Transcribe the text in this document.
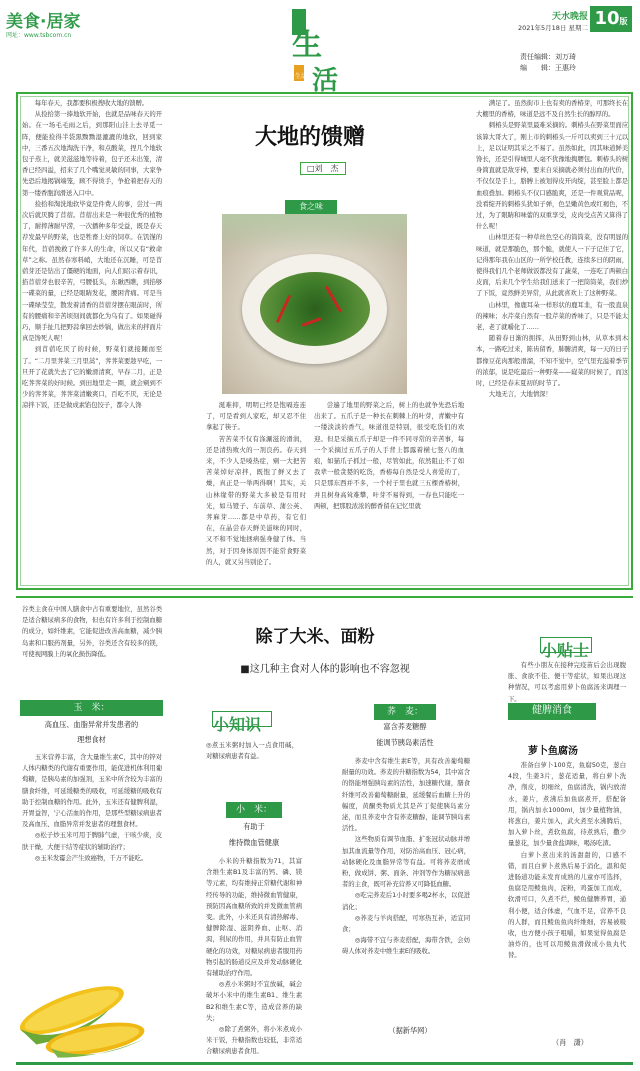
美食·居家
网址：www.tsbcom.cn
生活
生
活
天水晚报
2021年5月18日 星期二 10版
责任编辑：刘万琦
编　　辑：王惠玲
大地的馈赠
□刘　杰
食之味
每年春天，我都要积极搜收大地的馈赠。
从捡拾第一捧地软开始，也就是品味春天的开始。在一场毛毛雨之后，到那阳山洼上去寻觅一阵，便能捡得半袋黑黝黝湿漉漉的地软，回到家中，三番五次地淘洗干净，和点酸菜，捏几个地软包子蒸上，就美滋滋地等待着，包子还未出笼，清香已经四溢，招来了几个嘴觉灵敏的同事，大家争先恐后地揭锅端笼，顾不得烫手，争抢着把春天的第一缕香胞润滑送入口中。
捡拾和淘洗地软毕竟是件费人的事，尝过一两次后就厌腾了苜蓿。苜蓿出来是一种很优秀的植物了，耐摔薄耐早涝，一次播种多年受益，既是春天荐发最早的野菜，也是牲畜上好的饲草。在饥馑的年代，苜蓿挽救了许多人的生命，所以又有“救命草”之称。虽然春寒料峭，大地还在沉睡，可是苜蓿芽还是钻出了僵硬的地面，向人们昭示着春讯，掐苜蓿芽也很辛苦，弓腰低头，东瞅西瞧，到掐够一碟菜的量，已经是眼睛发花，腰困背痛。可是当一碟绿莹莹，散发着清香的苜蓿芽摆在眼前时，所有的腰痛和辛苦顷刻间就都化为乌有了。如果碰得巧，顺手扯几把野蒜拿回去炒锅，做出来的拌面片真是馋死人呢！
到苜蓿吃厌了的时候，野菜们就接踵而至了。“二月里荠菜三月里蒿”，荠荠菜要趁早吃，一旦开了花就失去了它的嫩滑清爽，早春二月，正是吃荠荠菜的好时候。到田地里走一圈，就会剜到不少的荠荠菜，荠荠菜清嫩爽口，百吃不厌，无论是凉拌下饭，还是做成素馅包饺子，都令人馋	涎难抑，明明已经是饱嗝连连了，可是看到人家吃，却又忍不住拿起了筷子。
苦苦菜不仅有涤涮滋的滑润，还是清热败火的一剂良药。春天到来，不少人是嗓热症，剜一大把苦苦菜焯好凉拌，既饱了鲜又去了燥，真正是一举两得啊！其实，关山林缘带的野菜大多被是有用时光，如马镫子、车前草、蒲公英、荠麻芽……都是中草药，有它们在，在晶尝春天鲜美滋味的同时，又不和不觉地拯病强身健了体。当然，对于因身体原因不能常食野菜的人，就又另当别论了。
尝遍了地里的野菜之后，树上的也就争先恐后地出来了。五爪子是一种长在刺棘上的叶芽，青嫩中有一缕淡淡的香气，味道很是特别，很受吃货们的欢迎。但是采摘五爪子却是一件不同寻常的辛苦事，每一个采摘过五爪子的人手背上都露着横七竖八的血痕，如猫爪子抓过一般，尽管如此，依然阻止不了如我辈一般贪婪的吃货，香椿每自然是受人喜爱的了，只是那东西并不多，一个村子里也就三五棵香椿树，并且树身高耸难攀，叶芽不易得到，一春也只能吃一两顿，把那股浓浓的醉香留在记忆里就
满足了。虽然街市上也有卖的香椿芽，可那终长在大棚里的香椿，味道是远不及自然生长的醇厚的。
刺椿头是野菜里最难采摘的。刺椿头在野菜里面应该算大哥大了，刚上市的刺椿头一斤可以卖到三十元以上，足以证明其采之不易了。虽然如此，因其味道鲜美馋长，还是引得城里人毫不犹豫地掏腰包。刺椿头的树身简直就是敌牙棒，要来自采摘就必须付出血的代价，不仅仅是手上，胳膊上被划得皮开肉绽，甚至脸上都是血痕叠加。刺椿头不仅口感脆爽，还是一件观赏品呢，没看绽开的刺椿头犹如子弹，色呈嫩黄色或红褐色，不过，为了眼睛和味蕾的双重享受，皮肉受点苦又算得了什么呢！
山林里还有一种草丝色空心的筒筒菜，没有明显的味道，就是那脆色，那个脆，就使人一下子记住了它，记得那年我在山区的一所学校任教，连续多日的阴雨，使得我们几个老师做饭都没有了蔬菜，一连吃了两顿白皮面，后来几个学生给我们送来了一把筒筒菜，我们炒了下饭，竟然鲜美异常，从此就喜欢上了这种野菜。
山林里，像鹿耳朵一样形状的鹿耳韭，有一股直泉的辣味；水芹菜自然有一股芹菜的香味了，只是不能太老，老了就嚼化了……
随着春日渐的拥挥，从田野到山林，从草本到木本，一路吃过来，陈齿留香，肺腑清爽，每一天的日子都像豆花肉那般滑溜，不知不觉中，空气里充溢着季节的浓郁，说是吃最后一种野菜——嶷菜的时候了，而这时，已经是春末夏初的时节了。
大地无言，大地情深！
谷类主食在中国人膳食中占有重要地位，虽然谷类是适合糖尿病多的食物，但也有许多利于控制血糖的成分，如纤维素，它能促进改善高血糖，减少胰岛素和口服药剂量，另外，谷类还含有较多的镁，可使视网膜上的氧化损伤降低。
除了大米、面粉
■这几种主食对人体的影响也不容忽视
玉　米：
高血压、血脂异常并发患者的
理想食材
玉米营养丰富，含大量维生素C，其中的锌对人体内糖类的代谢有重要作用，能促进机体利用葡萄糖，是胰岛素的加强剂，玉米中所含较为丰富的膳食纤维，可延缓糖类的吸收，可延缓糖的吸收有助于控制血糖的作用。此外，玉米还有健脾利湿，开胃益智，宁心活血的作用，是那些型糖尿病患者及高血压、血脂异常并发患者的理想食材。
◎松子炒玉米可用于脾肺气虚，干咳少痰，皮肤干燥，大便干结等症状的辅助治疗；
◎玉米发霉会产生致癌物，千万不能吃。
小知识
◎煮玉米粥时加入一点食用碱，对糖尿病患者有益。
小　米：
有助于
维持微血管健康
小米的升糖指数为71，其富含维生素B1及丰富的钙、磷、镁等元素，均有维持正常糖代谢和神经传导的功能，维持微血管健康，预防因高血糖所致的并发微血管病变。此外，小米还具有清热解毒、健脾除湿、滋阴养血、止呕、消渴，利尿的作用，并具有防止血管硬化的功效，对糖尿病患者服用药物引起的肠道反应及并发动脉硬化有辅助治疗作用。
◎煮小米粥时不宜放碱，碱会破坏小米中的维生素B1、维生素B2和维生素C等，造成营养的缺失；
◎除了煮粥外，将小米煮成小米干饭，升糖指数也较低，非常适合糖尿病患者食用。
荞　麦：
富含荞麦糖醇
能调节胰岛素活性
荞麦中含有维生素E等，具有改善葡萄糖耐量的功效。荞麦的升糖指数为54，其中富含的铬能增强胰岛素的活性，加速糖代谢，膳食纤维可改善葡萄糖耐量，延缓餐后血糖上升的幅度，黄酮类物质尤其是芦丁促使胰岛素分泌，而且荞麦中含有荞麦糖醇，能调节胰岛素活性。
这些物质有调节血脂、扩张冠状动脉并增加其血流量等作用，对防治高血压、冠心病，动脉硬化及血脂异常等有益。可将荞麦磨成粉，做成饼、粥、面条、冲剂等作为糖尿病患者的主食，既可补充营养又可降低血糖。
◎吃完荞麦后1小时要多喝2杯水，以促进消化；
◎荞麦与羊肉搭配，可寒热互补，适宜同食；
◎海带不宜与荞麦搭配，海带含铁，会妨碍人体对荞麦中维生素E的吸收。
（据新华网）
小贴士
有些小朋友在接种完疫苗后会出现腹胀、食欲不佳、便干等症状，如果出现这种情况，可以考虑用萝卜鱼腐汤来调理一下。
健脾消食
萝卜鱼腐汤
准备白萝卜100克，鱼腐50克，葱白4段，生姜3片，葱花适量，将白萝卜洗净，削皮，切细丝，鱼腐清洗，锅内放清水，姜片，煮沸后加鱼腐煮开，搭配备用，锅内加水1000ml，加少量植物油，将葱白，姜片加入，武火煮至水沸腾后，加入萝卜丝，煮软鱼腐，待煮熟后，撒少量葱花，加少量食盐调味，喝汤吃渣。
白萝卜煮出来的汤甜甜的，口感不错，而且白萝卜煮熟后易于消化，温和促进肠道功能未发育成熟的儿童亦可选择，鱼腐是用鲮鱼肉，淀粉，鸡蛋加工而成，软滑可口，久煮不烂，鲮鱼健脾养胃，通利小便，适合体虚，气血不足，营养不良的人群，而且鲮鱼鱼肉纤维细，容易被吸收，也方便小孩子咀嚼，如果觉得鱼腐是油炸的，也可以用鲮鱼滑做成小鱼丸代替。
（肖　潇）
